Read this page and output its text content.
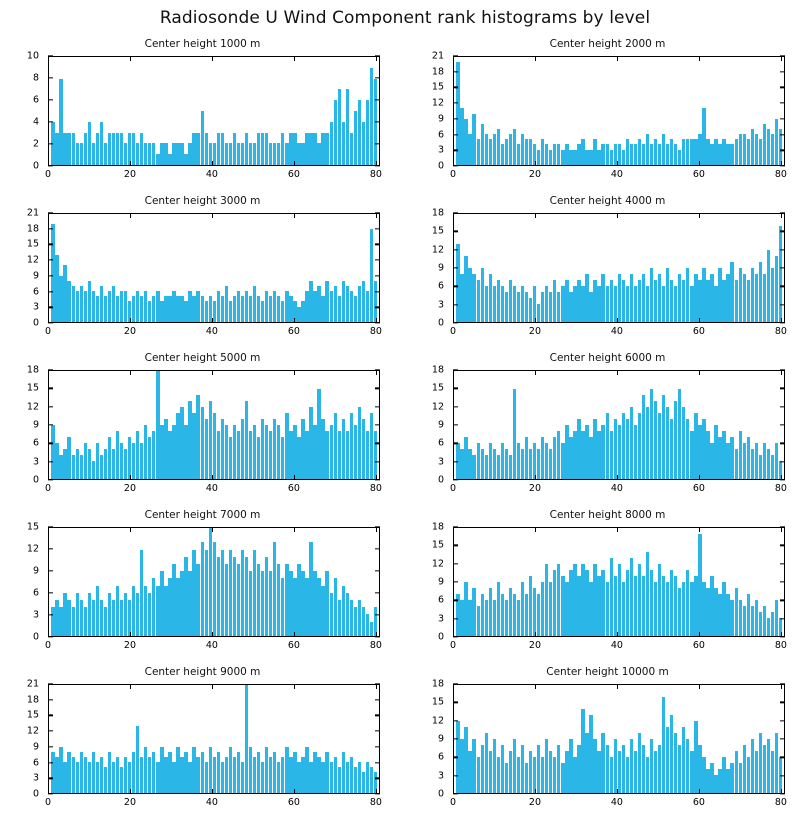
Radiosonde U Wind Component rank histograms by level
Center height 1000 m
0
2
4
6
8
10
0	20	40	60	80
Center height 2000 m
0
3
6
9
12
15
18
21
0	20	40	60	80
Center height 3000 m
0
3
6
9
12
15
18
21
0	20	40	60	80
Center height 4000 m
0
3
6
9
12
15
18
0	20	40	60	80
Center height 5000 m
0
3
6
9
12
15
18
0	20	40	60	80
Center height 6000 m
0
3
6
9
12
15
18
0	20	40	60	80
Center height 7000 m
0
3
6
9
12
15
0	20	40	60	80
Center height 8000 m
0
3
6
9
12
15
18
0	20	40	60	80
Center height 9000 m
0
3
6
9
12
15
18
21
0	20	40	60	80
Center height 10000 m
0
3
6
9
12
15
18
0	20	40	60	80
